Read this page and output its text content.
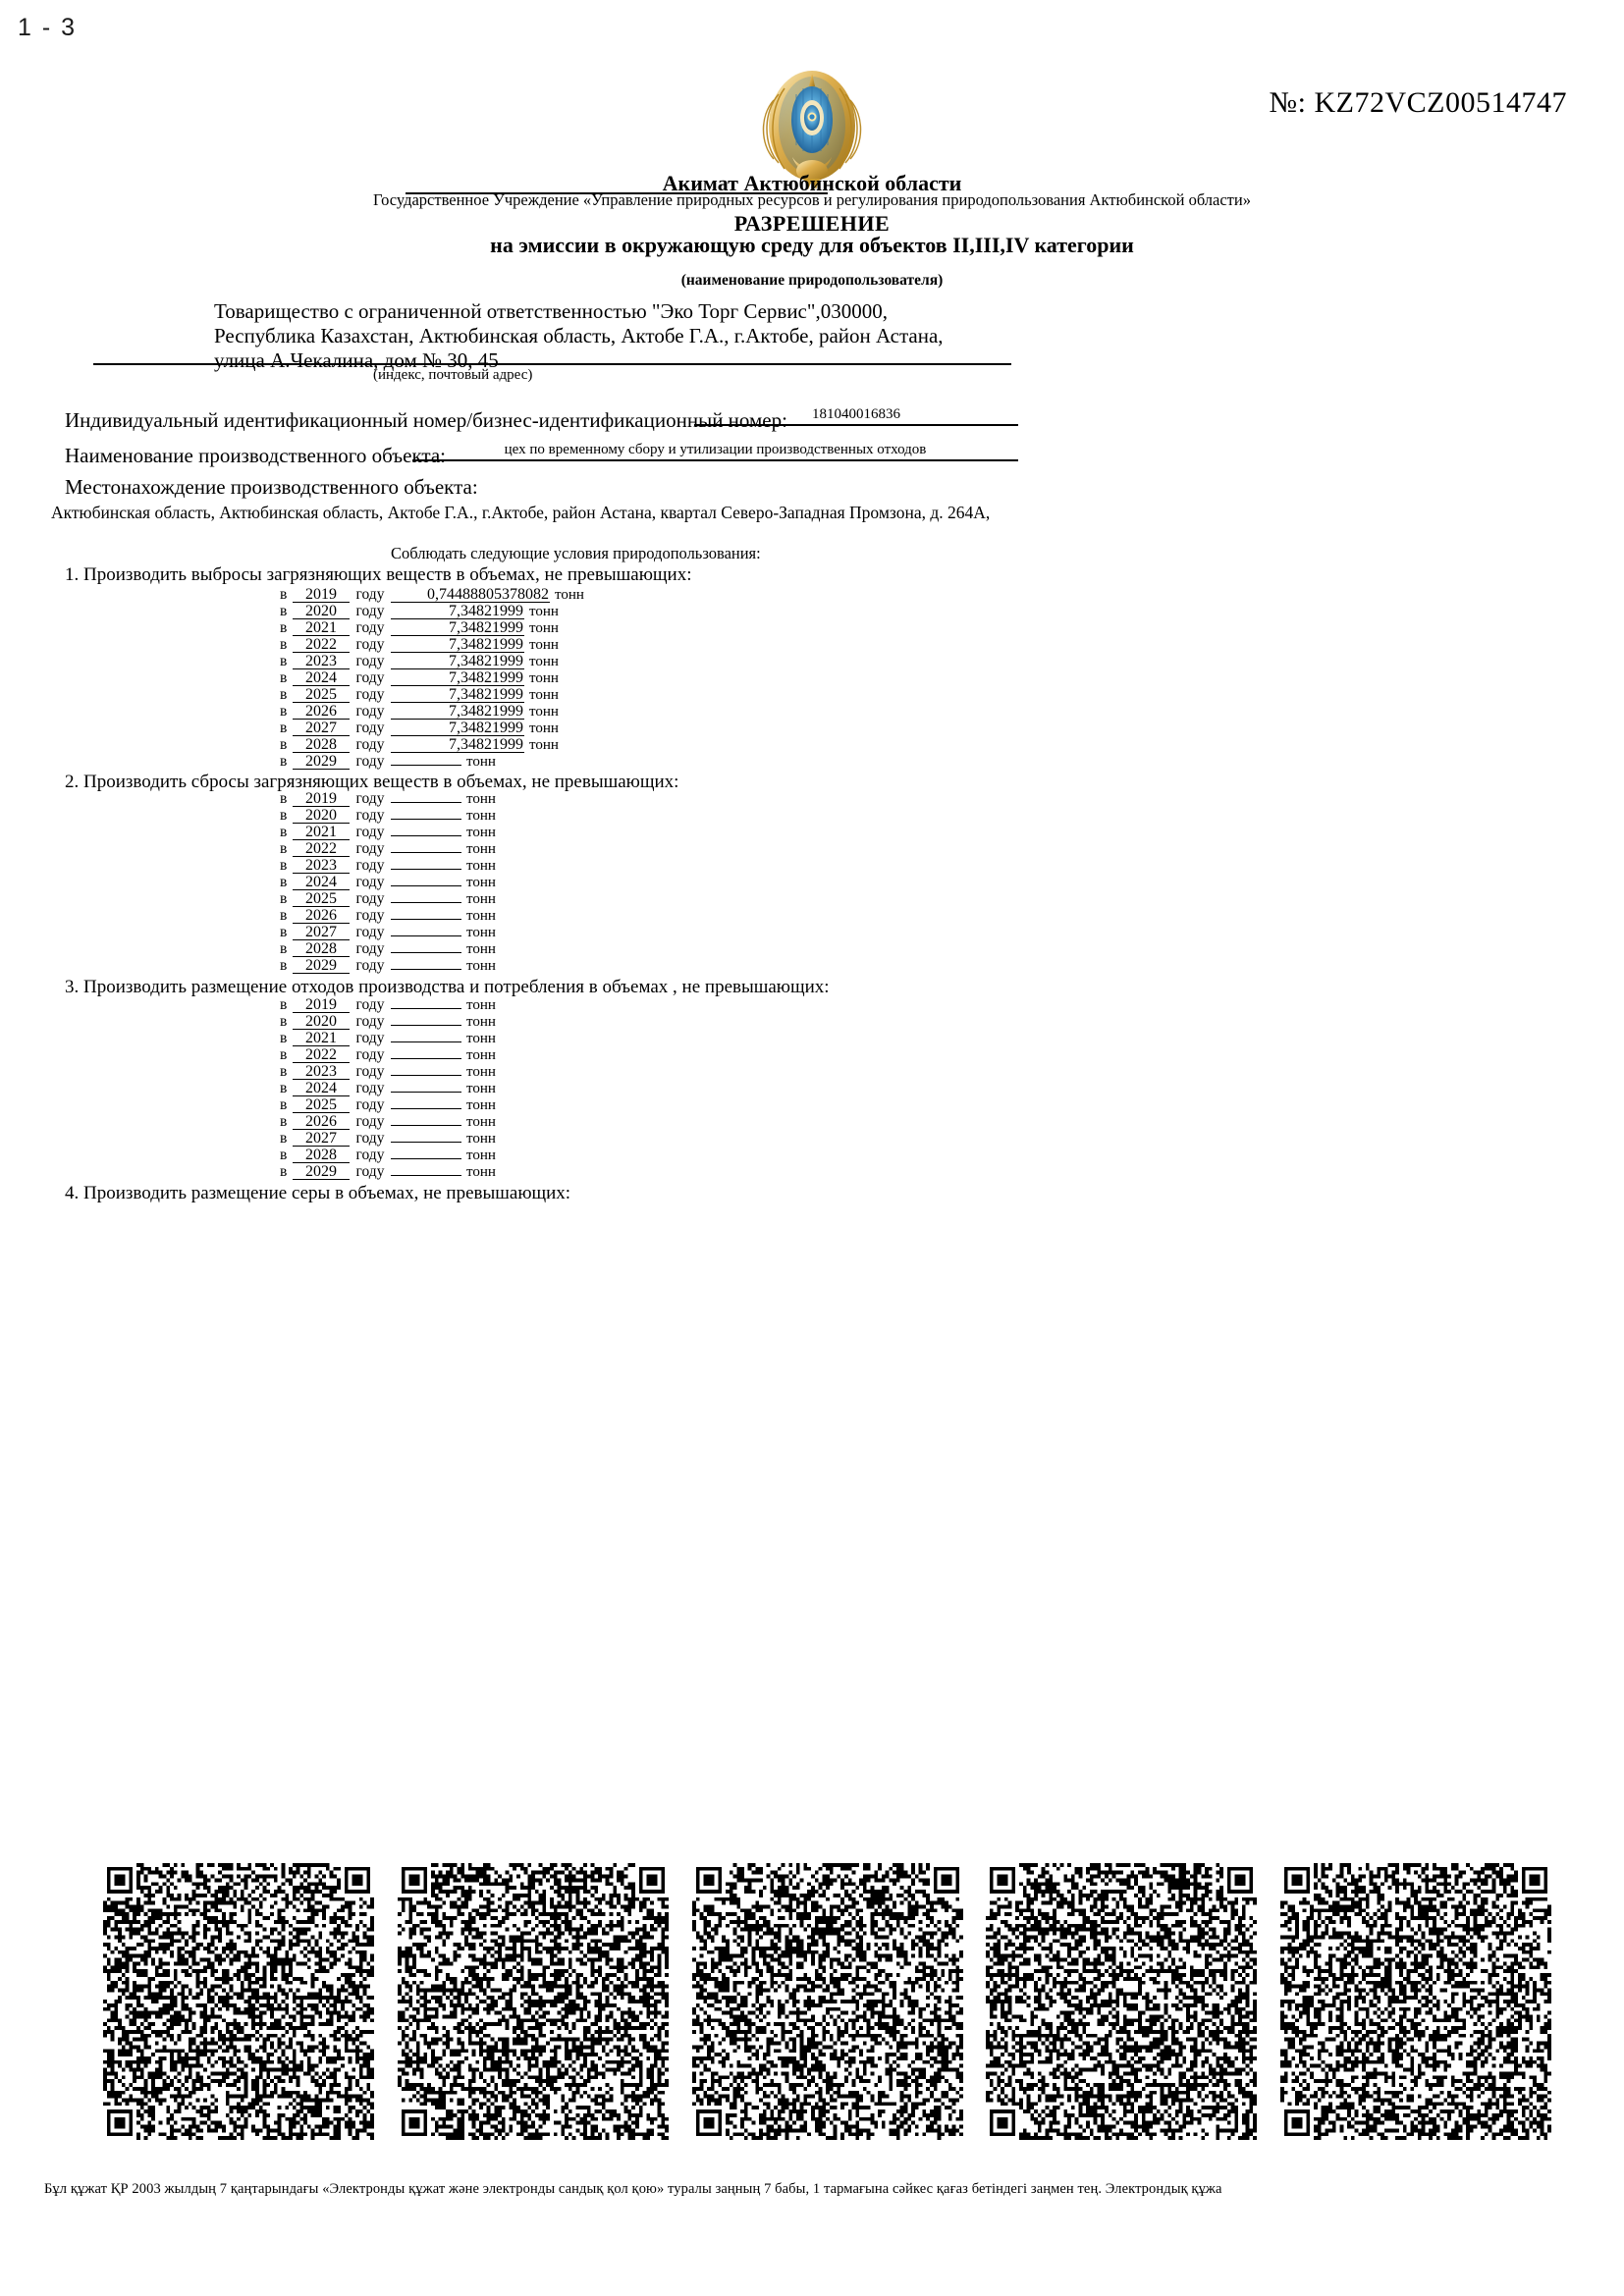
1 - 3
№: KZ72VCZ00514747
Акимат Актюбинской области
Государственное Учреждение «Управление природных ресурсов и регулирования природопользования Актюбинской области»
РАЗРЕШЕНИЕ
на эмиссии в окружающую среду для объектов II,III,IV категории
(наименование природопользователя)
Товарищество с ограниченной ответственностью "Эко Торг Сервис",030000,
Республика Казахстан, Актюбинская область, Актобе Г.А., г.Актобе, район Астана,
улица А.Чекалина, дом № 30, 45
(индекс, почтовый адрес)
Индивидуальный идентификационный номер/бизнес-идентификационный номер:	181040016836
Наименование производственного объекта:	цех по временному сбору и утилизации производственных отходов
Местонахождение производственного объекта:
Актюбинская область, Актюбинская область, Актобе Г.А., г.Актобе, район Астана, квартал Северо-Западная Промзона, д. 264А,
Соблюдать следующие условия природопользования:
1. Производить выбросы загрязняющих веществ в объемах, не превышающих:
в 2019 году	0,74488805378082 тонн
в 2020 году	7,34821999 тонн
в 2021 году	7,34821999 тонн
в 2022 году	7,34821999 тонн
в 2023 году	7,34821999 тонн
в 2024 году	7,34821999 тонн
в 2025 году	7,34821999 тонн
в 2026 году	7,34821999 тонн
в 2027 году	7,34821999 тонн
в 2028 году	7,34821999 тонн
в 2029 году	тонн
2. Производить сбросы загрязняющих веществ в объемах, не превышающих:
в 2019 году	тонн
в 2020 году	тонн
в 2021 году	тонн
в 2022 году	тонн
в 2023 году	тонн
в 2024 году	тонн
в 2025 году	тонн
в 2026 году	тонн
в 2027 году	тонн
в 2028 году	тонн
в 2029 году	тонн
3. Производить размещение отходов производства и потребления в объемах , не превышающих:
в 2019 году	тонн
в 2020 году	тонн
в 2021 году	тонн
в 2022 году	тонн
в 2023 году	тонн
в 2024 году	тонн
в 2025 году	тонн
в 2026 году	тонн
в 2027 году	тонн
в 2028 году	тонн
в 2029 году	тонн
4. Производить размещение серы в объемах, не превышающих:
Бұл құжат ҚР 2003 жылдың 7 қаңтарындағы «Электронды құжат және электронды сандық қол қою» туралы заңның 7 бабы, 1 тармағына сәйкес қағаз бетіндегі заңмен тең. Электрондық құжа
